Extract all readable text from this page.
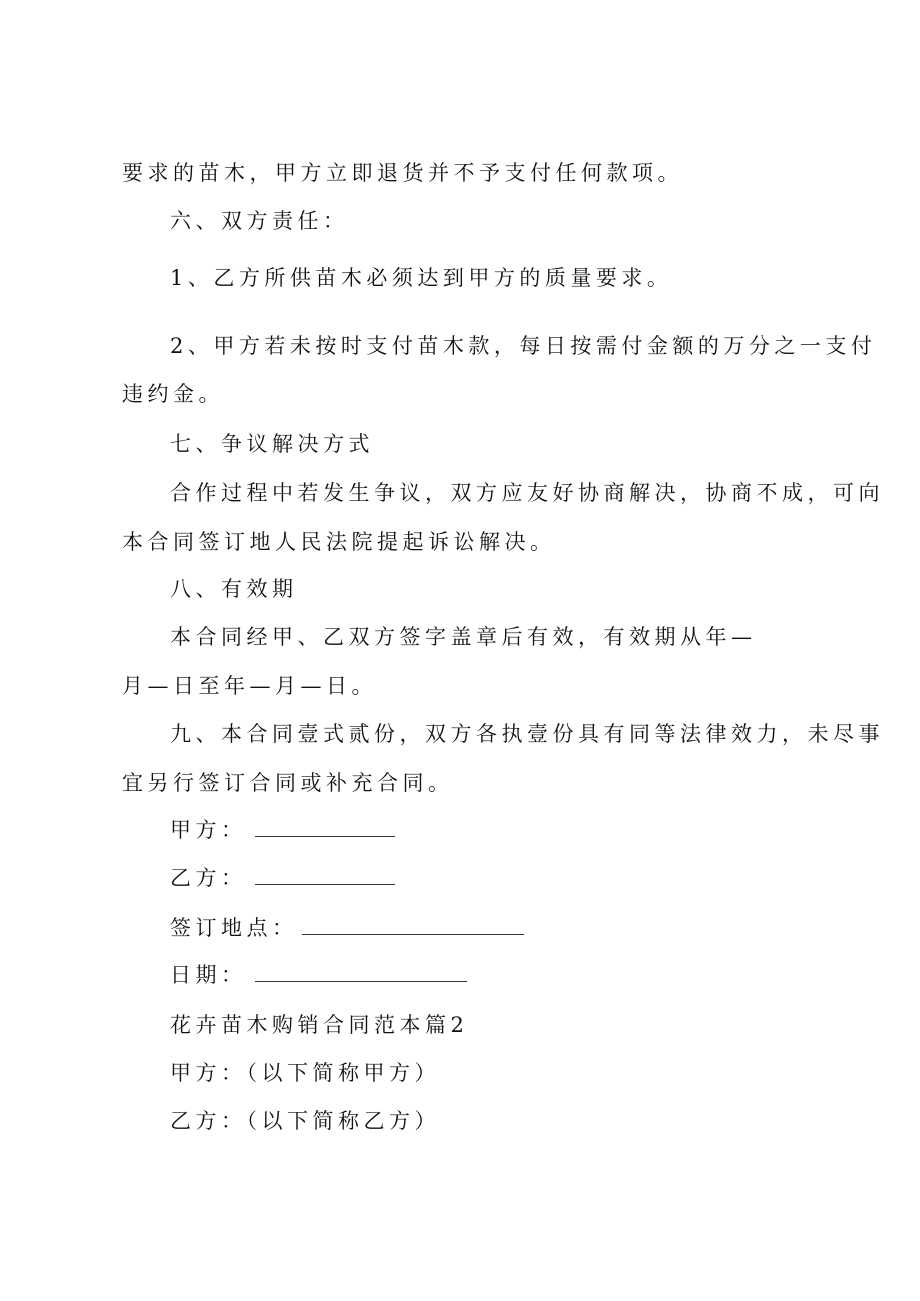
要求的苗木，甲方立即退货并不予支付任何款项。
六、双方责任：
1、乙方所供苗木必须达到甲方的质量要求。
2、甲方若未按时支付苗木款，每日按需付金额的万分之一支付
违约金。
七、争议解决方式
合作过程中若发生争议，双方应友好协商解决，协商不成，可向
本合同签订地人民法院提起诉讼解决。
八、有效期
本合同经甲、乙双方签字盖章后有效，有效期从年—
月—日至年—月—日。
九、本合同壹式贰份，双方各执壹份具有同等法律效力，未尽事
宜另行签订合同或补充合同。
甲方：
乙方：
签订地点：
日期：
花卉苗木购销合同范本篇2
甲方：（以下简称甲方）
乙方：（以下简称乙方）
